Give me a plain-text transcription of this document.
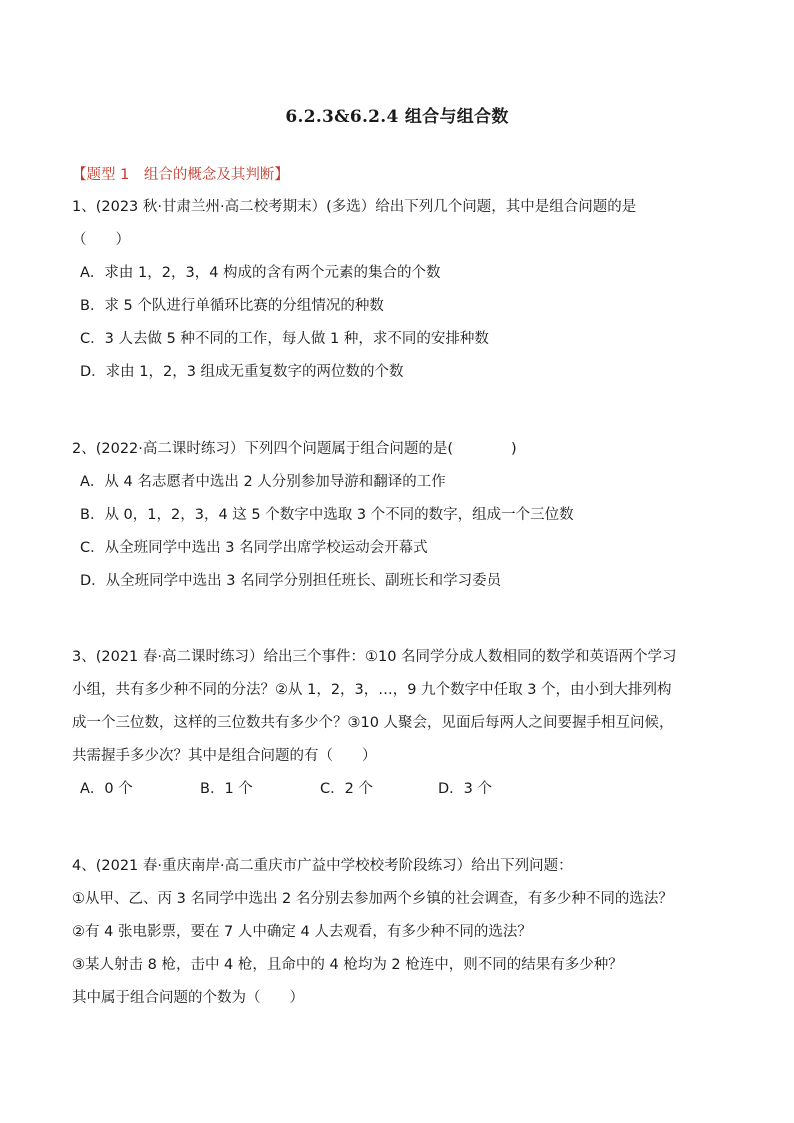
6.2.3&6.2.4 组合与组合数
【题型 1　组合的概念及其判断】
1、(2023 秋·甘肃兰州·高二校考期末）(多选）给出下列几个问题，其中是组合问题的是
（　　）
A．求由 1，2，3，4 构成的含有两个元素的集合的个数
B．求 5 个队进行单循环比赛的分组情况的种数
C．3 人去做 5 种不同的工作，每人做 1 种，求不同的安排种数
D．求由 1，2，3 组成无重复数字的两位数的个数
2、(2022·高二课时练习）下列四个问题属于组合问题的是(　　　　)
A．从 4 名志愿者中选出 2 人分别参加导游和翻译的工作
B．从 0，1，2，3，4 这 5 个数字中选取 3 个不同的数字，组成一个三位数
C．从全班同学中选出 3 名同学出席学校运动会开幕式
D．从全班同学中选出 3 名同学分别担任班长、副班长和学习委员
3、(2021 春·高二课时练习）给出三个事件：①10 名同学分成人数相同的数学和英语两个学习
小组，共有多少种不同的分法？②从 1，2，3，…，9 九个数字中任取 3 个，由小到大排列构
成一个三位数，这样的三位数共有多少个？③10 人聚会，见面后每两人之间要握手相互问候，
共需握手多少次？其中是组合问题的有（　　）
A．0 个	B．1 个	C．2 个	D．3 个
4、(2021 春·重庆南岸·高二重庆市广益中学校校考阶段练习）给出下列问题：
①从甲、乙、丙 3 名同学中选出 2 名分别去参加两个乡镇的社会调查，有多少种不同的选法？
②有 4 张电影票，要在 7 人中确定 4 人去观看，有多少种不同的选法？
③某人射击 8 枪，击中 4 枪，且命中的 4 枪均为 2 枪连中，则不同的结果有多少种？
其中属于组合问题的个数为（　　）
